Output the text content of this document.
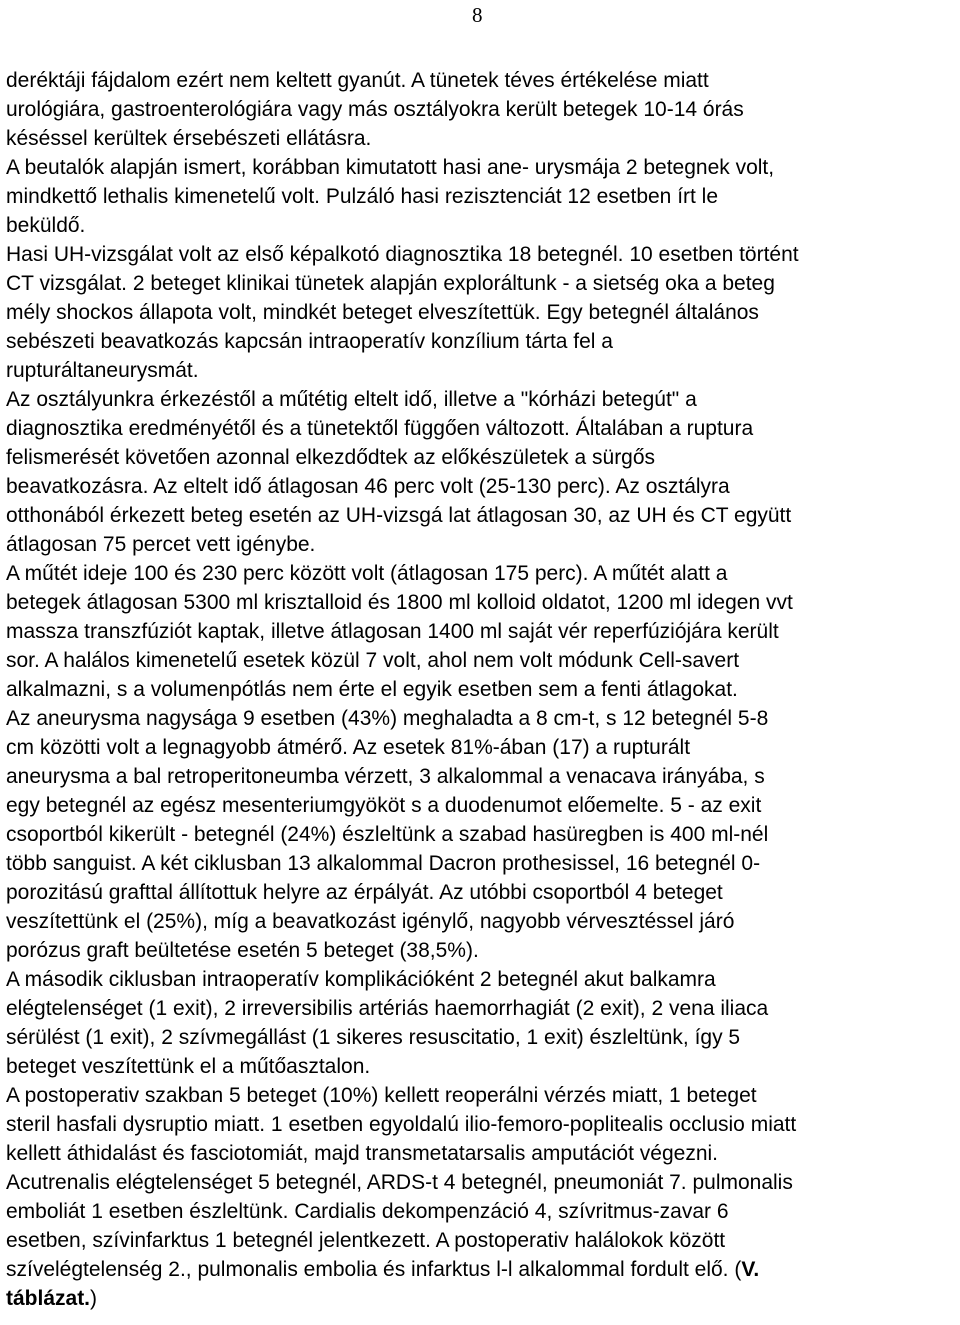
8
deréktáji fájdalom ezért nem keltett gyanút. A tünetek téves értékelése miatt
urológiára, gastroenterológiára vagy más osztályokra került betegek 10-14 órás
késéssel kerültek érsebészeti ellátásra.
A beutalók alapján ismert, korábban kimutatott hasi ane- urysmája 2 betegnek volt,
mindkettő lethalis kimenetelű volt. Pulzáló hasi rezisztenciát 12 esetben írt le
beküldő.
Hasi UH-vizsgálat volt az első képalkotó diagnosztika 18 betegnél. 10 esetben történt
CT vizsgálat. 2 beteget klinikai tünetek alapján exploráltunk - a sietség oka a beteg
mély shockos állapota volt, mindkét beteget elveszítettük. Egy betegnél általános
sebészeti beavatkozás kapcsán intraoperatív konzílium tárta fel a
rupturáltaneurysmát.
Az osztályunkra érkezéstől a műtétig eltelt idő, illetve a "kórházi betegút" a
diagnosztika eredményétől és a tünetektől függően változott. Általában a ruptura
felismerését követően azonnal elkezdődtek az előkészületek a sürgős
beavatkozásra. Az eltelt idő átlagosan 46 perc volt (25-130 perc). Az osztályra
otthonából érkezett beteg esetén az UH-vizsgá lat átlagosan 30, az UH és CT együtt
átlagosan 75 percet vett igénybe.
A műtét ideje 100 és 230 perc között volt (átlagosan 175 perc). A műtét alatt a
betegek átlagosan 5300 ml krisztalloid és 1800 ml kolloid oldatot, 1200 ml idegen vvt
massza transzfúziót kaptak, illetve átlagosan 1400 ml saját vér reperfúziójára került
sor. A halálos kimenetelű esetek közül 7 volt, ahol nem volt módunk Cell-savert
alkalmazni, s a volumenpótlás nem érte el egyik esetben sem a fenti átlagokat.
Az aneurysma nagysága 9 esetben (43%) meghaladta a 8 cm-t, s 12 betegnél 5-8
cm közötti volt a legnagyobb átmérő. Az esetek 81%-ában (17) a rupturált
aneurysma a bal retroperitoneumba vérzett, 3 alkalommal a venacava irányába, s
egy betegnél az egész mesenteriumgyököt s a duodenumot előemelte. 5 - az exit
csoportból kikerült - betegnél (24%) észleltünk a szabad hasüregben is 400 ml-nél
több sanguist. A két ciklusban 13 alkalommal Dacron prothesissel, 16 betegnél 0-
porozitású grafttal állítottuk helyre az érpályát. Az utóbbi csoportból 4 beteget
veszítettünk el (25%), míg a beavatkozást igénylő, nagyobb vérvesztéssel járó
porózus graft beültetése esetén 5 beteget (38,5%).
A második ciklusban intraoperatív komplikációként 2 betegnél akut balkamra
elégtelenséget (1 exit), 2 irreversibilis artériás haemorrhagiát (2 exit), 2 vena iliaca
sérülést (1 exit), 2 szívmegállást (1 sikeres resuscitatio, 1 exit) észleltünk, így 5
beteget veszítettünk el a műtőasztalon.
A postoperativ szakban 5 beteget (10%) kellett reoperálni vérzés miatt, 1 beteget
steril hasfali dysruptio miatt. 1 esetben egyoldalú ilio-femoro-poplitealis occlusio miatt
kellett áthidalást és fasciotomiát, majd transmetatarsalis amputációt végezni.
Acutrenalis elégtelenséget 5 betegnél, ARDS-t 4 betegnél, pneumoniát 7. pulmonalis
emboliát 1 esetben észleltünk. Cardialis dekompenzáció 4, szívritmus-zavar 6
esetben, szívinfarktus 1 betegnél jelentkezett. A postoperativ halálokok között
szívelégtelenség 2., pulmonalis embolia és infarktus l-l alkalommal fordult elő. (V.
táblázat.)
